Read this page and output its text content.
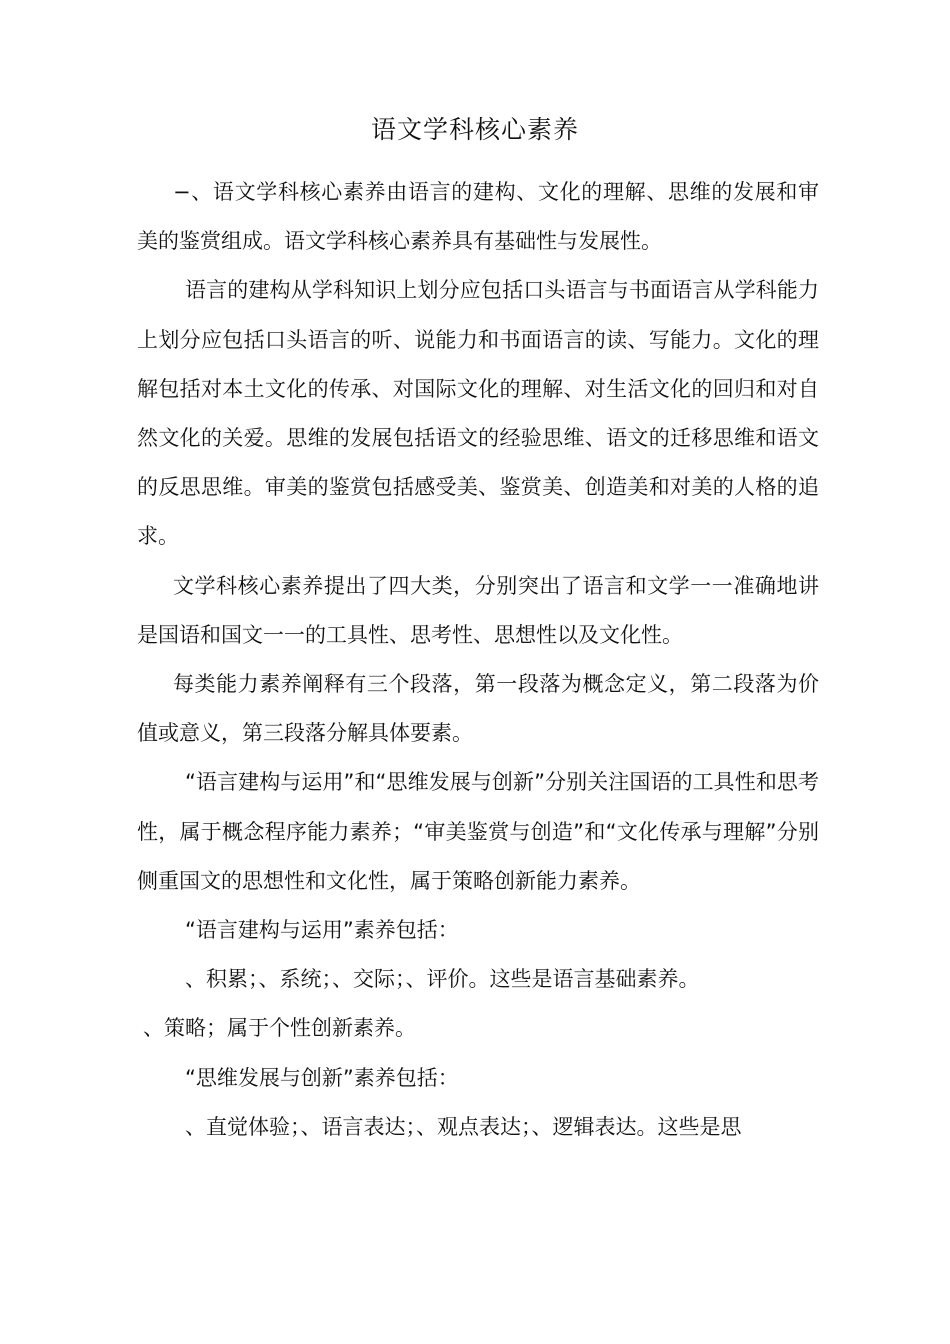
语文学科核心素养

−、语文学科核心素养由语言的建构、文化的理解、思维的发展和审美的鉴赏组成。语文学科核心素养具有基础性与发展性。

语言的建构从学科知识上划分应包括口头语言与书面语言从学科能力上划分应包括口头语言的听、说能力和书面语言的读、写能力。文化的理解包括对本土文化的传承、对国际文化的理解、对生活文化的回归和对自然文化的关爱。思维的发展包括语文的经验思维、语文的迁移思维和语文的反思思维。审美的鉴赏包括感受美、鉴赏美、创造美和对美的人格的追求。

文学科核心素养提出了四大类，分别突出了语言和文学一一准确地讲是国语和国文一一的工具性、思考性、思想性以及文化性。

每类能力素养阐释有三个段落，第一段落为概念定义，第二段落为价值或意义，第三段落分解具体要素。

“语言建构与运用”和“思维发展与创新”分别关注国语的工具性和思考性，属于概念程序能力素养；“审美鉴赏与创造”和“文化传承与理解”分别侧重国文的思想性和文化性，属于策略创新能力素养。

“语言建构与运用”素养包括：

、积累；、系统；、交际；、评价。这些是语言基础素养。

、策略；属于个性创新素养。

“思维发展与创新”素养包括：

、直觉体验；、语言表达；、观点表达；、逻辑表达。这些是思
